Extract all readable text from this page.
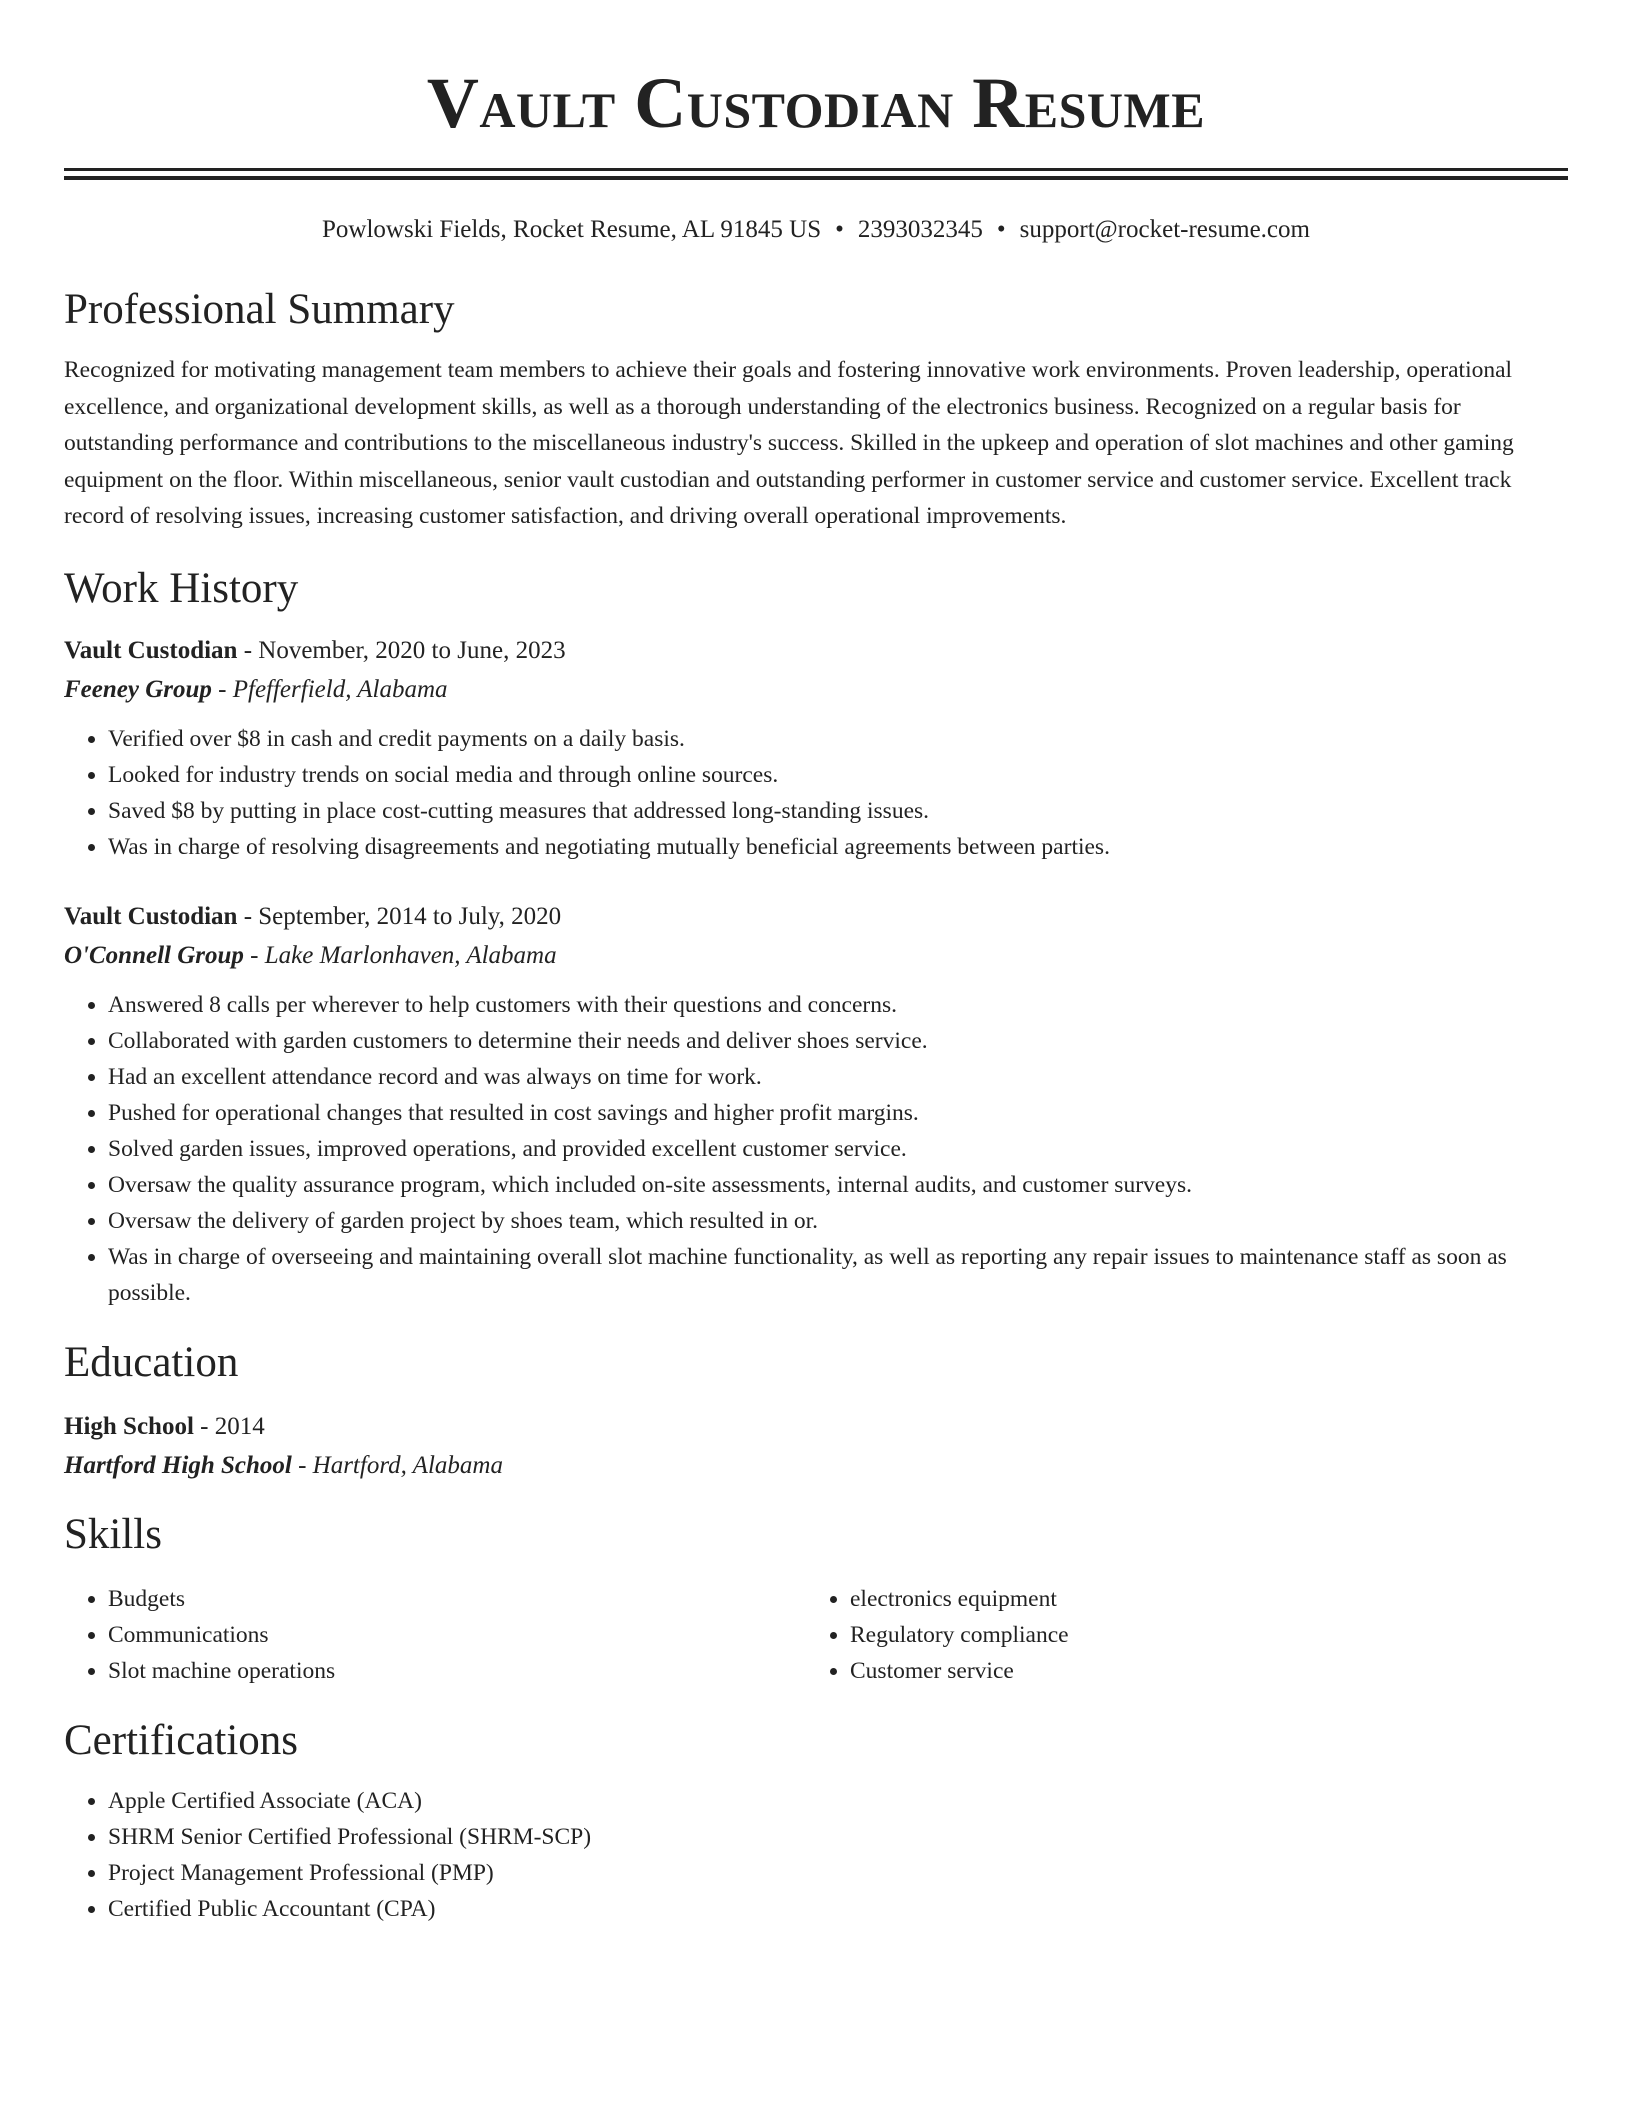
Vault Custodian Resume
Powlowski Fields, Rocket Resume, AL 91845 US • 2393032345 • support@rocket-resume.com
Professional Summary

Recognized for motivating management team members to achieve their goals and fostering innovative work environments. Proven leadership, operational excellence, and organizational development skills, as well as a thorough understanding of the electronics business. Recognized on a regular basis for outstanding performance and contributions to the miscellaneous industry's success. Skilled in the upkeep and operation of slot machines and other gaming equipment on the floor. Within miscellaneous, senior vault custodian and outstanding performer in customer service and customer service. Excellent track record of resolving issues, increasing customer satisfaction, and driving overall operational improvements.

Work History
Vault Custodian - November, 2020 to June, 2023
Feeney Group - Pfefferfield, Alabama
• Verified over $8 in cash and credit payments on a daily basis.
• Looked for industry trends on social media and through online sources.
• Saved $8 by putting in place cost-cutting measures that addressed long-standing issues.
• Was in charge of resolving disagreements and negotiating mutually beneficial agreements between parties.
Vault Custodian - September, 2014 to July, 2020
O'Connell Group - Lake Marlonhaven, Alabama
• Answered 8 calls per wherever to help customers with their questions and concerns.
• Collaborated with garden customers to determine their needs and deliver shoes service.
• Had an excellent attendance record and was always on time for work.
• Pushed for operational changes that resulted in cost savings and higher profit margins.
• Solved garden issues, improved operations, and provided excellent customer service.
• Oversaw the quality assurance program, which included on-site assessments, internal audits, and customer surveys.
• Oversaw the delivery of garden project by shoes team, which resulted in or.
• Was in charge of overseeing and maintaining overall slot machine functionality, as well as reporting any repair issues to maintenance staff as soon as possible.
Education
High School - 2014
Hartford High School - Hartford, Alabama
Skills
• Budgets
• Communications
• Slot machine operations
• electronics equipment
• Regulatory compliance
• Customer service
Certifications
• Apple Certified Associate (ACA)
• SHRM Senior Certified Professional (SHRM-SCP)
• Project Management Professional (PMP)
• Certified Public Accountant (CPA)
